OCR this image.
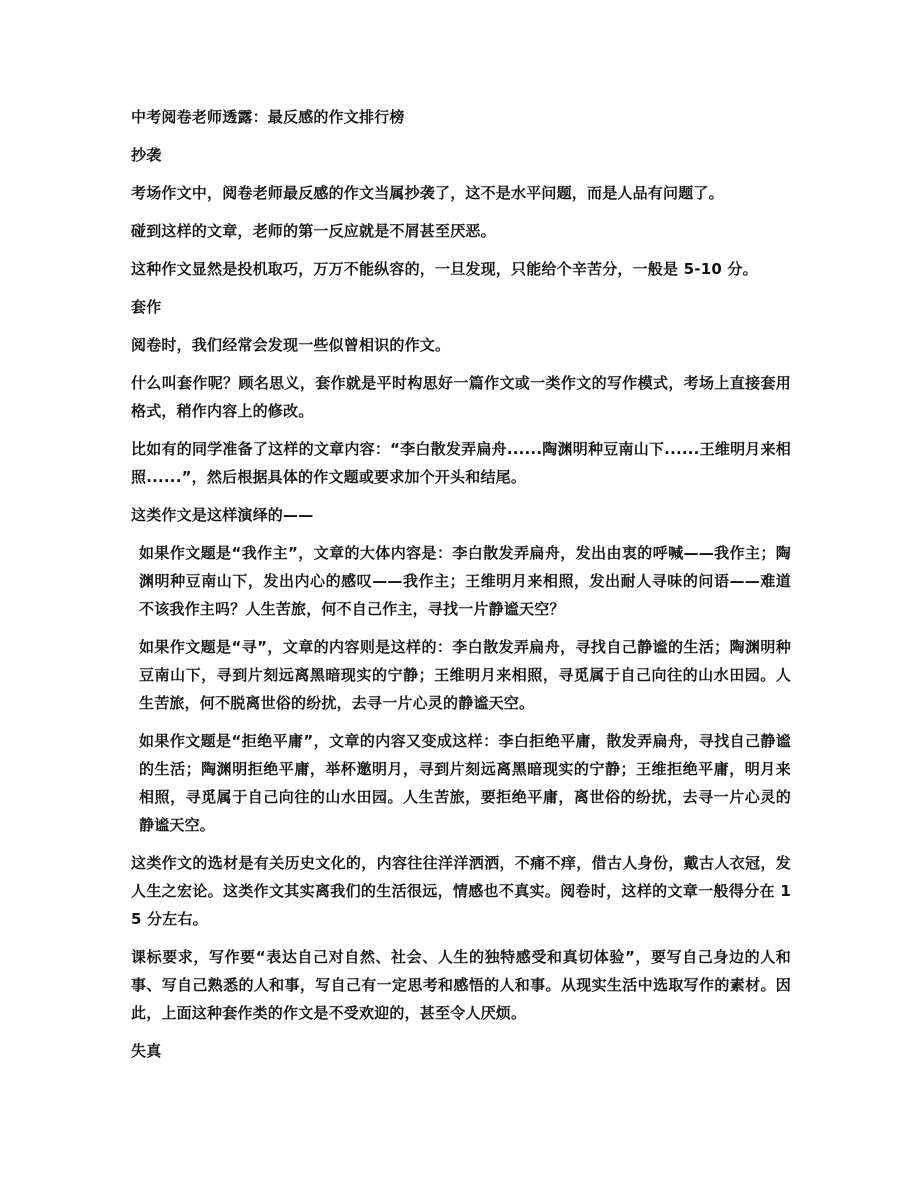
中考阅卷老师透露：最反感的作文排行榜

抄袭

考场作文中，阅卷老师最反感的作文当属抄袭了，这不是水平问题，而是人品有问题了。

碰到这样的文章，老师的第一反应就是不屑甚至厌恶。

这种作文显然是投机取巧，万万不能纵容的，一旦发现，只能给个辛苦分，一般是 5-10 分。

套作

阅卷时，我们经常会发现一些似曾相识的作文。

什么叫套作呢？顾名思义，套作就是平时构思好一篇作文或一类作文的写作模式，考场上直接套用格式，稍作内容上的修改。

比如有的同学准备了这样的文章内容：“李白散发弄扁舟......陶渊明种豆南山下......王维明月来相照......”，然后根据具体的作文题或要求加个开头和结尾。

这类作文是这样演绎的——

如果作文题是“我作主”，文章的大体内容是：李白散发弄扁舟，发出由衷的呼喊——我作主；陶渊明种豆南山下，发出内心的感叹——我作主；王维明月来相照，发出耐人寻味的问语——难道不该我作主吗？人生苦旅，何不自己作主，寻找一片静谧天空？

如果作文题是“寻”，文章的内容则是这样的：李白散发弄扁舟，寻找自己静谧的生活；陶渊明种豆南山下，寻到片刻远离黑暗现实的宁静；王维明月来相照，寻觅属于自己向往的山水田园。人生苦旅，何不脱离世俗的纷扰，去寻一片心灵的静谧天空。

如果作文题是“拒绝平庸”，文章的内容又变成这样：李白拒绝平庸，散发弄扁舟，寻找自己静谧的生活；陶渊明拒绝平庸，举杯邀明月，寻到片刻远离黑暗现实的宁静；王维拒绝平庸，明月来相照，寻觅属于自己向往的山水田园。人生苦旅，要拒绝平庸，离世俗的纷扰，去寻一片心灵的静谧天空。

这类作文的选材是有关历史文化的，内容往往洋洋洒洒，不痛不痒，借古人身份，戴古人衣冠，发人生之宏论。这类作文其实离我们的生活很远，情感也不真实。阅卷时，这样的文章一般得分在 15 分左右。

课标要求，写作要“表达自己对自然、社会、人生的独特感受和真切体验”，要写自己身边的人和事、写自己熟悉的人和事，写自己有一定思考和感悟的人和事。从现实生活中选取写作的素材。因此，上面这种套作类的作文是不受欢迎的，甚至令人厌烦。

失真
